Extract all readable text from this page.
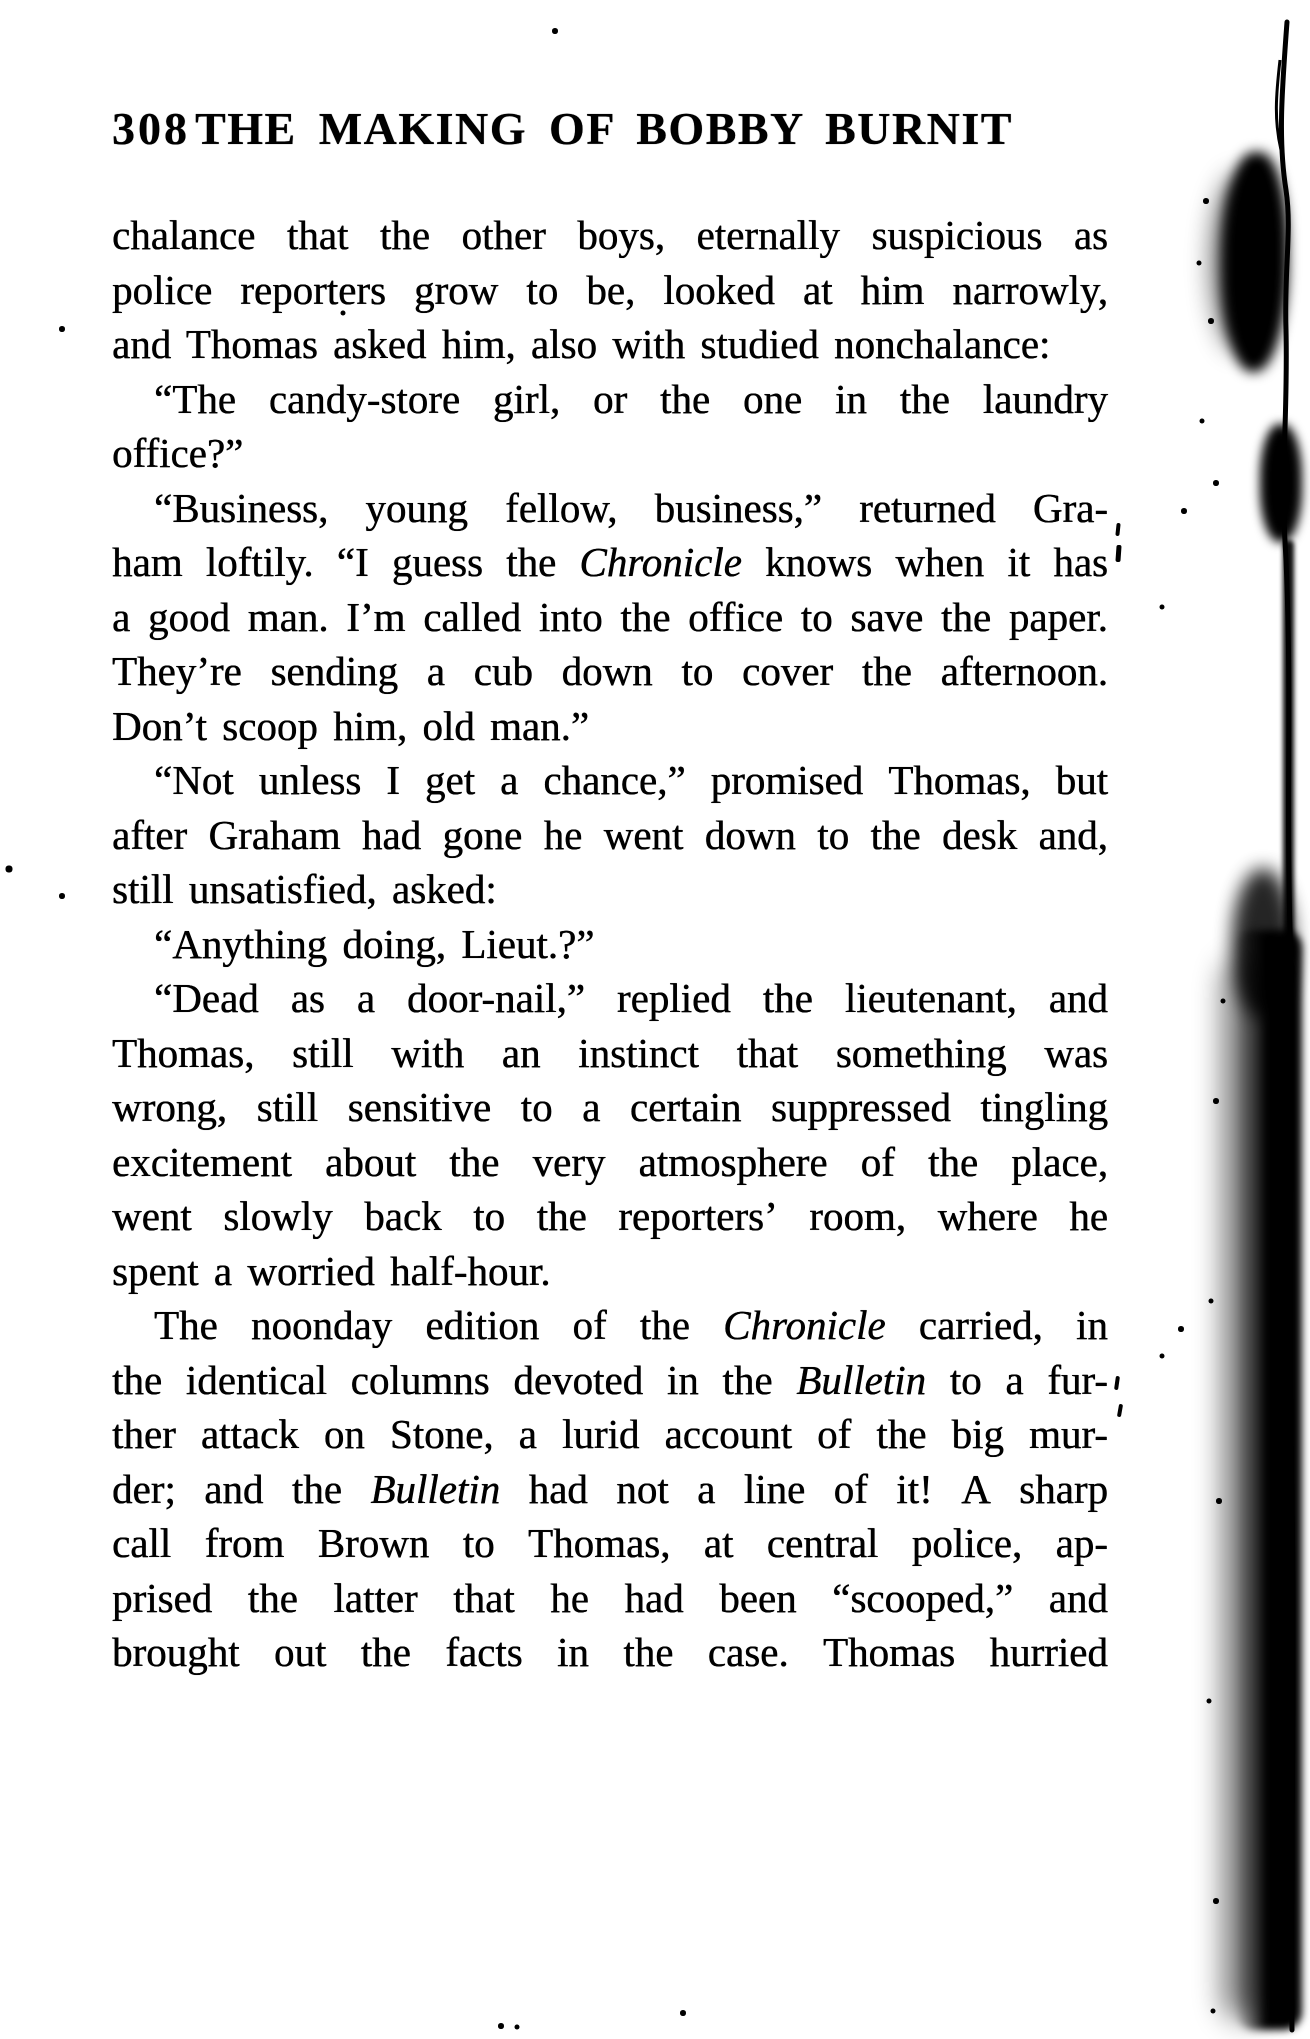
308 THE MAKING OF BOBBY BURNIT
chalance that the other boys, eternally suspicious as
police reporters grow to be, looked at him narrowly,
and Thomas asked him, also with studied nonchalance:
“The candy-store girl, or the one in the laundry
office?”
“Business, young fellow, business,” returned Gra-
ham loftily. “I guess the Chronicle knows when it has
a good man. I’m called into the office to save the paper.
They’re sending a cub down to cover the afternoon.
Don’t scoop him, old man.”
“Not unless I get a chance,” promised Thomas, but
after Graham had gone he went down to the desk and,
still unsatisfied, asked:
“Anything doing, Lieut.?”
“Dead as a door-nail,” replied the lieutenant, and
Thomas, still with an instinct that something was
wrong, still sensitive to a certain suppressed tingling
excitement about the very atmosphere of the place,
went slowly back to the reporters’ room, where he
spent a worried half-hour.
The noonday edition of the Chronicle carried, in
the identical columns devoted in the Bulletin to a fur-
ther attack on Stone, a lurid account of the big mur-
der; and the Bulletin had not a line of it! A sharp
call from Brown to Thomas, at central police, ap-
prised the latter that he had been “scooped,” and
brought out the facts in the case. Thomas hurried
